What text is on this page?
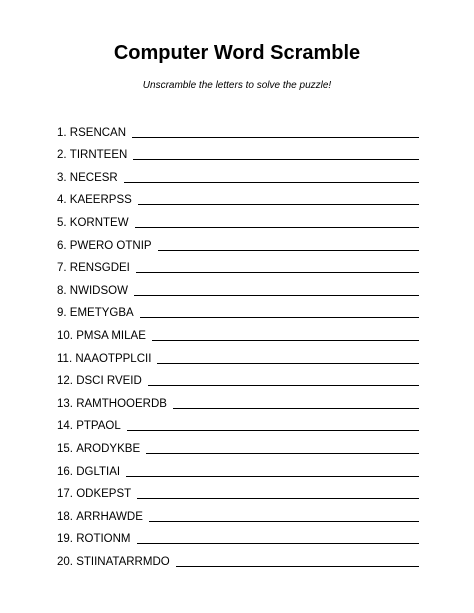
Computer Word Scramble
Unscramble the letters to solve the puzzle!
1.
RSENCAN
2.
TIRNTEEN
3.
NECESR
4.
KAEERPSS
5.
KORNTEW
6.
PWERO OTNIP
7.
RENSGDEI
8.
NWIDSOW
9.
EMETYGBA
10.
PMSA MILAE
11.
NAAOTPPLCII
12.
DSCI RVEID
13.
RAMTHOOERDB
14.
PTPAOL
15.
ARODYKBE
16.
DGLTIAI
17.
ODKEPST
18.
ARRHAWDE
19.
ROTIONM
20.
STIINATARRMDO
